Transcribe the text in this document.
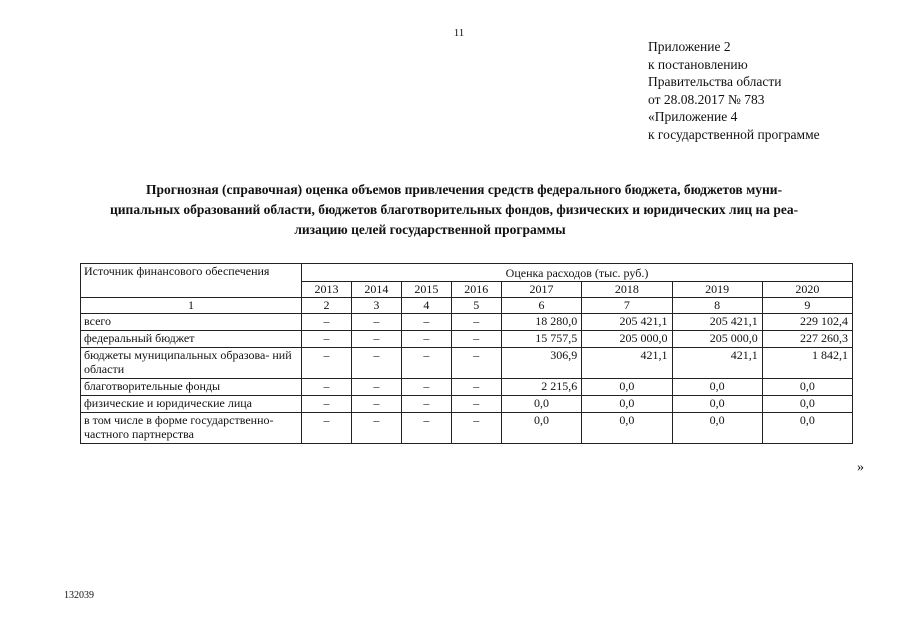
11
Приложение 2
к постановлению
Правительства области
от 28.08.2017 № 783
«Приложение 4
к государственной программе
Прогнозная (справочная) оценка объемов привлечения средств федерального бюджета, бюджетов муни-
ципальных образований области, бюджетов благотворительных фондов, физических и юридических лиц на реа-
лизацию целей государственной программы
Источник финансового обеспечения	Оценка расходов (тыс. руб.)							
	2013	2014	2015	2016	2017	2018	2019	2020
1	2	3	4	5	6	7	8	9
всего	–	–	–	–	18 280,0	205 421,1	205 421,1	229 102,4
федеральный бюджет	–	–	–	–	15 757,5	205 000,0	205 000,0	227 260,3
бюджеты муниципальных образова- ний области	–	–	–	–	306,9	421,1	421,1	1 842,1
благотворительные фонды	–	–	–	–	2 215,6	0,0	0,0	0,0
физические и юридические лица	–	–	–	–	0,0	0,0	0,0	0,0
в том числе в форме государственно- частного партнерства	–	–	–	–	0,0	0,0	0,0	0,0
»
132039
